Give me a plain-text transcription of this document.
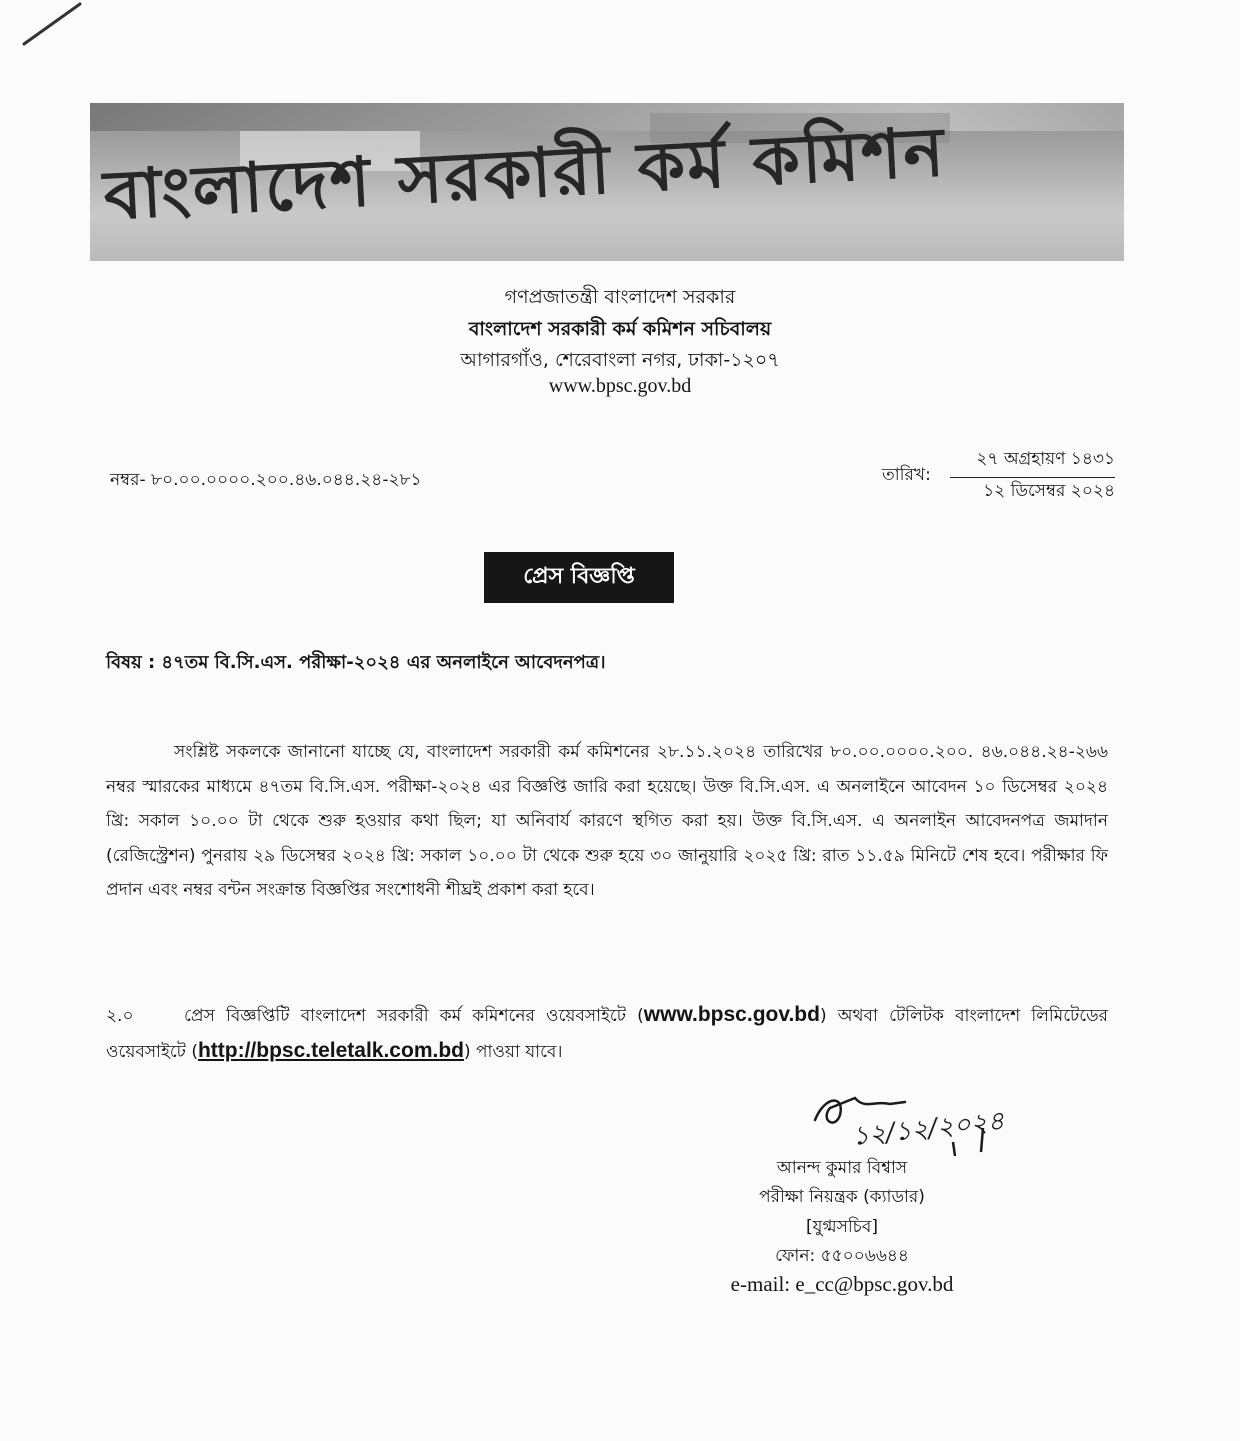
বাংলাদেশ সরকারী কর্ম কমিশন
গণপ্রজাতন্ত্রী বাংলাদেশ সরকার
বাংলাদেশ সরকারী কর্ম কমিশন সচিবালয়
আগারগাঁও, শেরেবাংলা নগর, ঢাকা-১২০৭
www.bpsc.gov.bd
নম্বর- ৮০.০০.০০০০.২০০.৪৬.০৪৪.২৪-২৮১	তারিখ:
২৭ অগ্রহায়ণ ১৪৩১
১২ ডিসেম্বর ২০২৪
প্রেস বিজ্ঞপ্তি
বিষয় : ৪৭তম বি.সি.এস. পরীক্ষা-২০২৪ এর অনলাইনে আবেদনপত্র।
সংশ্লিষ্ট সকলকে জানানো যাচ্ছে যে, বাংলাদেশ সরকারী কর্ম কমিশনের ২৮.১১.২০২৪ তারিখের ৮০.০০.০০০০.২০০. ৪৬.০৪৪.২৪-২৬৬ নম্বর স্মারকের মাধ্যমে ৪৭তম বি.সি.এস. পরীক্ষা-২০২৪ এর বিজ্ঞপ্তি জারি করা হয়েছে। উক্ত বি.সি.এস. এ অনলাইনে আবেদন ১০ ডিসেম্বর ২০২৪ খ্রি: সকাল ১০.০০ টা থেকে শুরু হওয়ার কথা ছিল; যা অনিবার্য কারণে স্থগিত করা হয়। উক্ত বি.সি.এস. এ অনলাইন আবেদনপত্র জমাদান (রেজিস্ট্রেশন) পুনরায় ২৯ ডিসেম্বর ২০২৪ খ্রি: সকাল ১০.০০ টা থেকে শুরু হয়ে ৩০ জানুয়ারি ২০২৫ খ্রি: রাত ১১.৫৯ মিনিটে শেষ হবে। পরীক্ষার ফি প্রদান এবং নম্বর বন্টন সংক্রান্ত বিজ্ঞপ্তির সংশোধনী শীঘ্রই প্রকাশ করা হবে।
২.০	প্রেস বিজ্ঞপ্তিটি বাংলাদেশ সরকারী কর্ম কমিশনের ওয়েবসাইটে (www.bpsc.gov.bd) অথবা টেলিটক বাংলাদেশ লিমিটেডের ওয়েবসাইটে (http://bpsc.teletalk.com.bd) পাওয়া যাবে।
১২/১২/২০২৪
আনন্দ কুমার বিশ্বাস
পরীক্ষা নিয়ন্ত্রক (ক্যাডার)
[যুগ্মসচিব]
ফোন: ৫৫০০৬৬৪৪
e-mail: e_cc@bpsc.gov.bd
